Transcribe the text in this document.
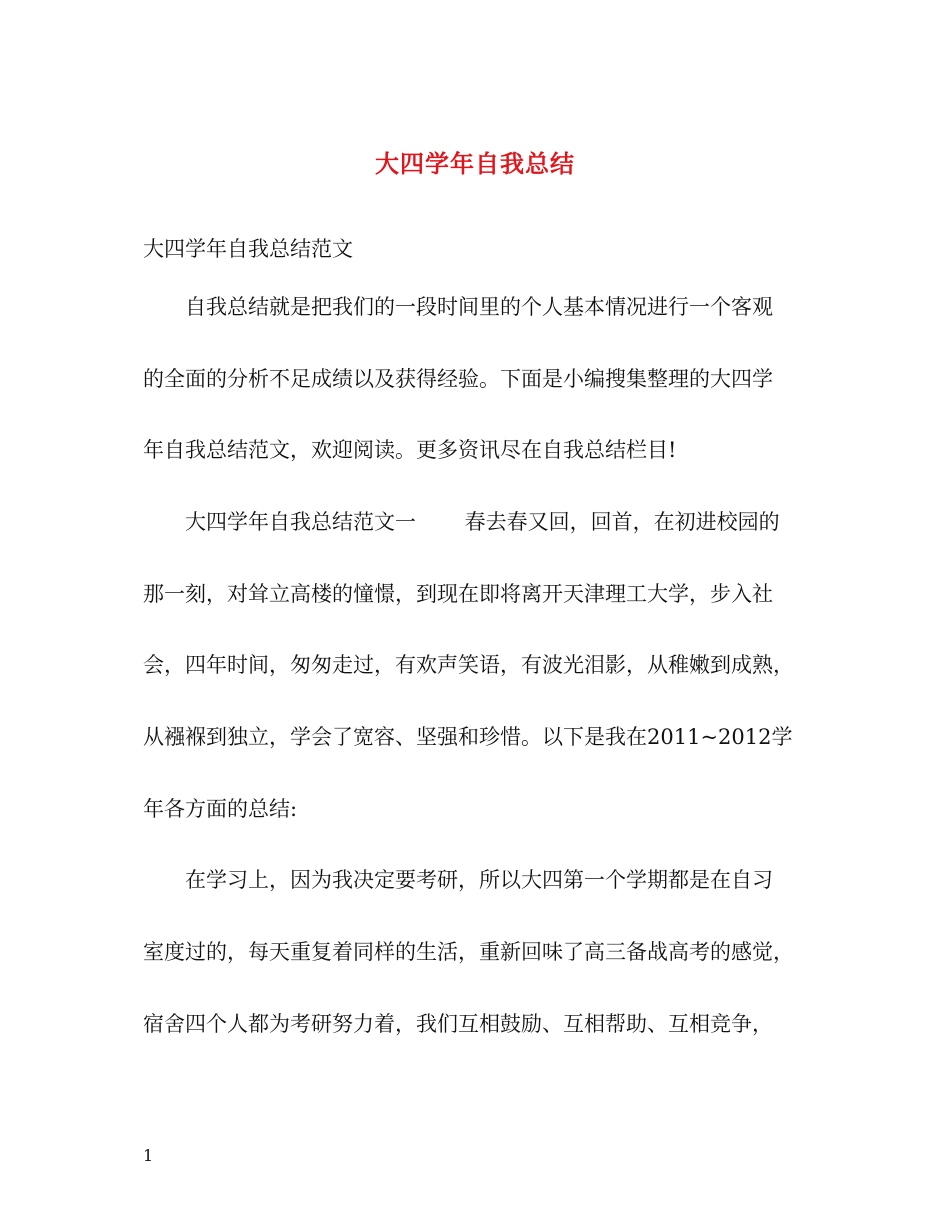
大四学年自我总结
大四学年自我总结范文
自我总结就是把我们的一段时间里的个人基本情况进行一个客观
的全面的分析不足成绩以及获得经验。下面是小编搜集整理的大四学
年自我总结范文，欢迎阅读。更多资讯尽在自我总结栏目!
大四学年自我总结范文一　　 春去春又回，回首，在初进校园的
那一刻，对耸立高楼的憧憬，到现在即将离开天津理工大学，步入社
会，四年时间，匆匆走过，有欢声笑语，有波光泪影，从稚嫩到成熟，
从襁褓到独立，学会了宽容、坚强和珍惜。以下是我在2011~2012学
年各方面的总结:
在学习上，因为我决定要考研，所以大四第一个学期都是在自习
室度过的，每天重复着同样的生活，重新回味了高三备战高考的感觉，
宿舍四个人都为考研努力着，我们互相鼓励、互相帮助、互相竞争，
1
